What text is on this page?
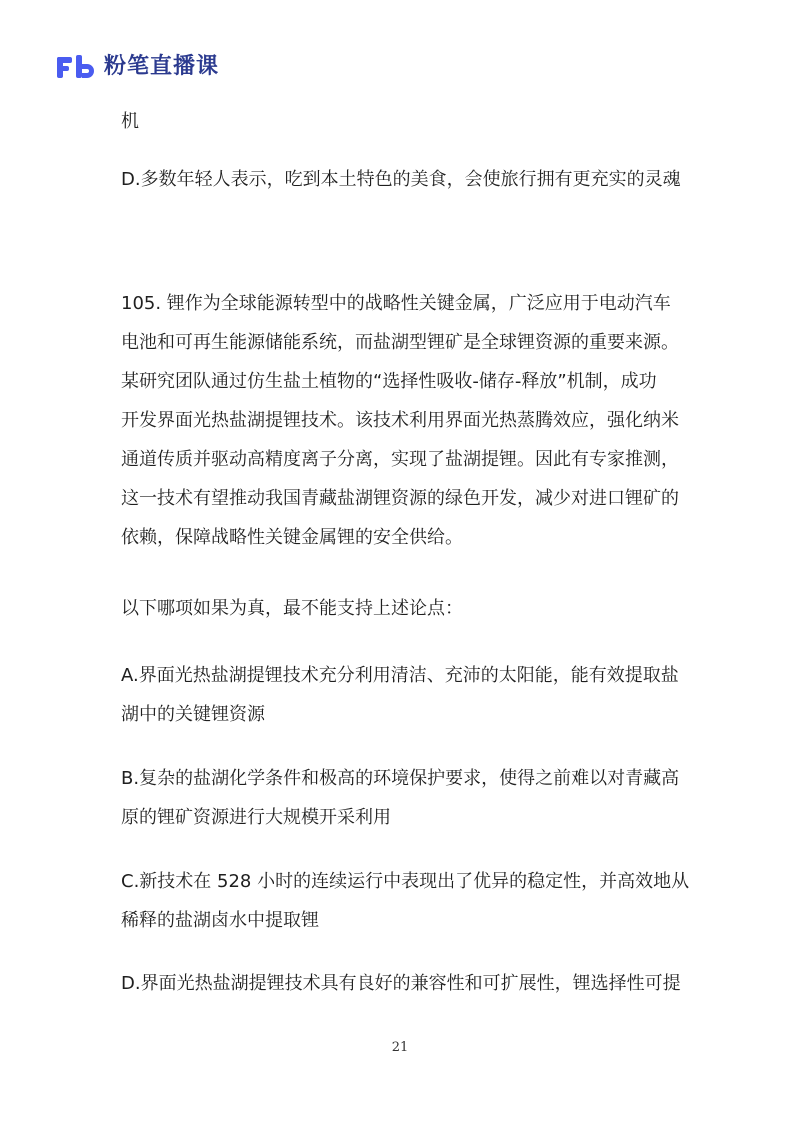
粉笔直播课
机
D.多数年轻人表示，吃到本土特色的美食，会使旅行拥有更充实的灵魂
105. 锂作为全球能源转型中的战略性关键金属，广泛应用于电动汽车
电池和可再生能源储能系统，而盐湖型锂矿是全球锂资源的重要来源。
某研究团队通过仿生盐土植物的“选择性吸收-储存-释放”机制，成功
开发界面光热盐湖提锂技术。该技术利用界面光热蒸腾效应，强化纳米
通道传质并驱动高精度离子分离，实现了盐湖提锂。因此有专家推测，
这一技术有望推动我国青藏盐湖锂资源的绿色开发，减少对进口锂矿的
依赖，保障战略性关键金属锂的安全供给。
以下哪项如果为真，最不能支持上述论点：
A.界面光热盐湖提锂技术充分利用清洁、充沛的太阳能，能有效提取盐
湖中的关键锂资源
B.复杂的盐湖化学条件和极高的环境保护要求，使得之前难以对青藏高
原的锂矿资源进行大规模开采利用
C.新技术在 528 小时的连续运行中表现出了优异的稳定性，并高效地从
稀释的盐湖卤水中提取锂
D.界面光热盐湖提锂技术具有良好的兼容性和可扩展性，锂选择性可提
21
